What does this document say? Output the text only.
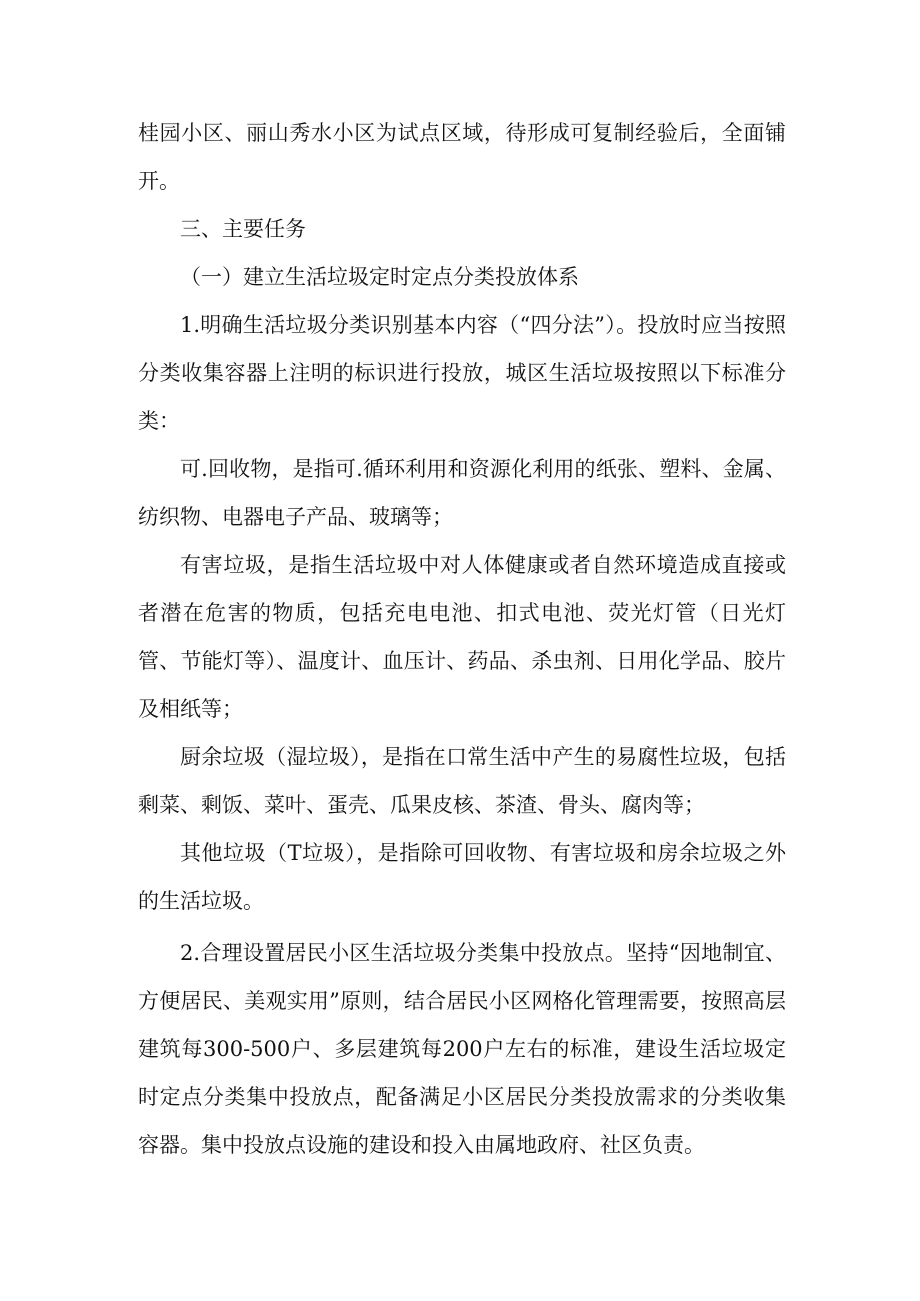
桂园小区、丽山秀水小区为试点区域，待形成可复制经验后，全面铺开。

三、主要任务

（一）建立生活垃圾定时定点分类投放体系

1.明确生活垃圾分类识别基本内容（“四分法”）。投放时应当按照分类收集容器上注明的标识进行投放，城区生活垃圾按照以下标准分类：

可.回收物，是指可.循环利用和资源化利用的纸张、塑料、金属、纺织物、电器电子产品、玻璃等；

有害垃圾，是指生活垃圾中对人体健康或者自然环境造成直接或者潜在危害的物质，包括充电电池、扣式电池、荧光灯管（日光灯管、节能灯等）、温度计、血压计、药品、杀虫剂、日用化学品、胶片及相纸等；

厨余垃圾（湿垃圾），是指在口常生活中产生的易腐性垃圾，包括剩菜、剩饭、菜叶、蛋壳、瓜果皮核、茶渣、骨头、腐肉等；

其他垃圾（T垃圾），是指除可回收物、有害垃圾和房余垃圾之外的生活垃圾。

2.合理设置居民小区生活垃圾分类集中投放点。坚持“因地制宜、方便居民、美观实用”原则，结合居民小区网格化管理需要，按照高层建筑每300-500户、多层建筑每200户左右的标准，建设生活垃圾定时定点分类集中投放点，配备满足小区居民分类投放需求的分类收集容器。集中投放点设施的建设和投入由属地政府、社区负责。
